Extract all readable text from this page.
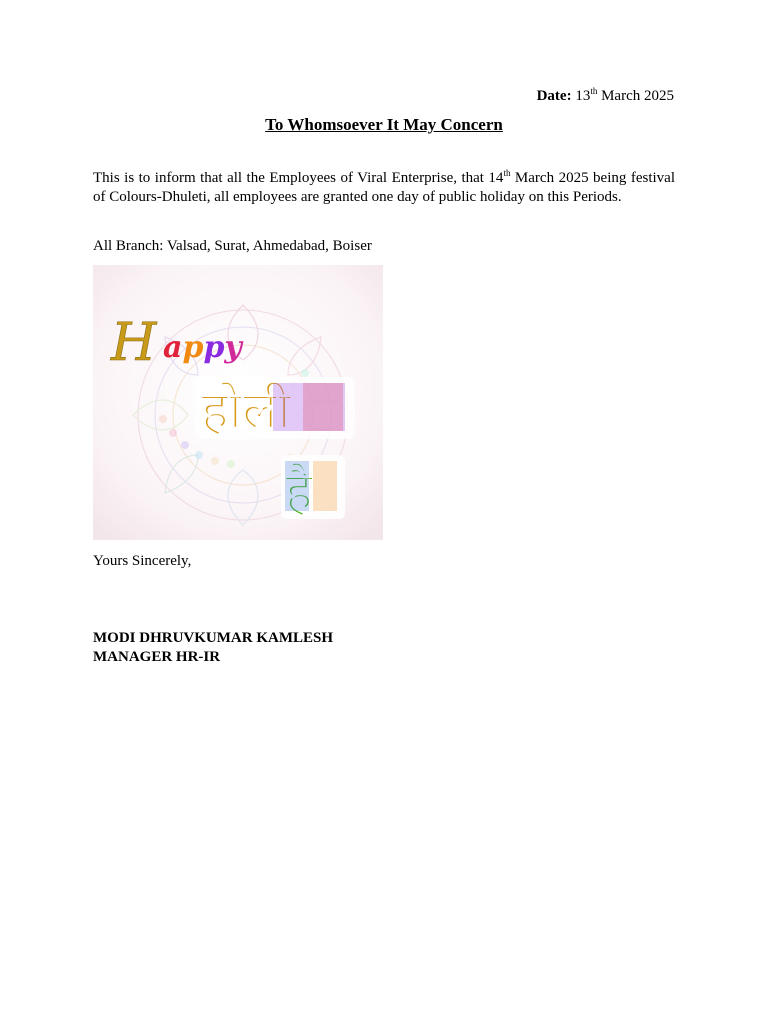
Date: 13th March 2025
To Whomsoever It May Concern
This is to inform that all the Employees of Viral Enterprise, that 14th March 2025 being festival of Colours-Dhuleti, all employees are granted one day of public holiday on this Periods.
All Branch: Valsad, Surat, Ahmedabad, Boiser
H appy
होली
है
Yours Sincerely,
MODI DHRUVKUMAR KAMLESH
MANAGER HR-IR
